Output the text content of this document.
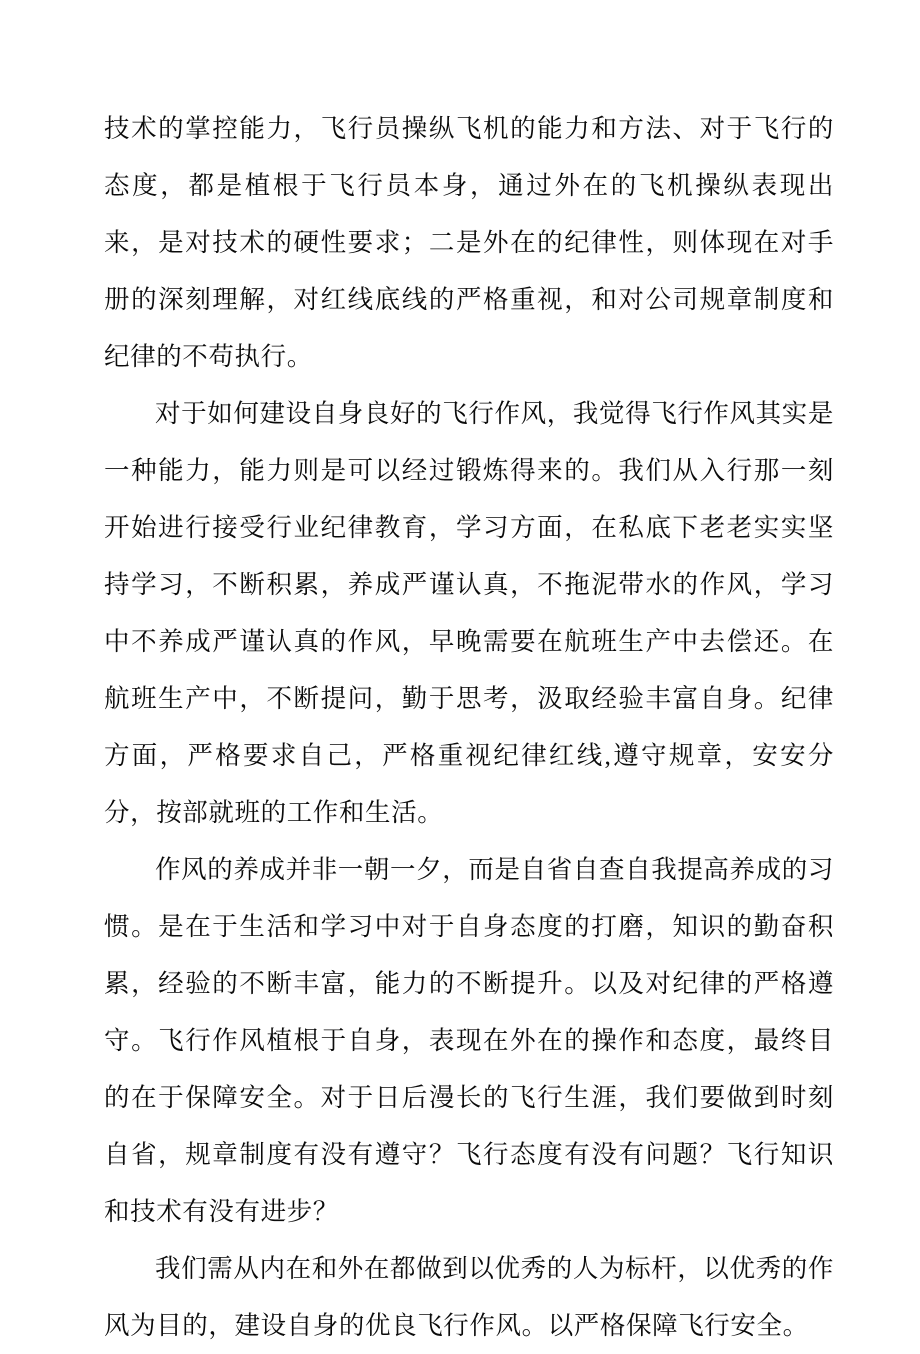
技术的掌控能力，飞行员操纵飞机的能力和方法、对于飞行的态度，都是植根于飞行员本身，通过外在的飞机操纵表现出来，是对技术的硬性要求；二是外在的纪律性，则体现在对手册的深刻理解，对红线底线的严格重视，和对公司规章制度和纪律的不苟执行。

对于如何建设自身良好的飞行作风，我觉得飞行作风其实是一种能力，能力则是可以经过锻炼得来的。我们从入行那一刻开始进行接受行业纪律教育，学习方面，在私底下老老实实坚持学习，不断积累，养成严谨认真，不拖泥带水的作风，学习中不养成严谨认真的作风，早晚需要在航班生产中去偿还。在航班生产中，不断提问，勤于思考，汲取经验丰富自身。纪律方面，严格要求自己，严格重视纪律红线,遵守规章，安安分分，按部就班的工作和生活。

作风的养成并非一朝一夕，而是自省自查自我提高养成的习惯。是在于生活和学习中对于自身态度的打磨，知识的勤奋积累，经验的不断丰富，能力的不断提升。以及对纪律的严格遵守。飞行作风植根于自身，表现在外在的操作和态度，最终目的在于保障安全。对于日后漫长的飞行生涯，我们要做到时刻自省，规章制度有没有遵守？飞行态度有没有问题？飞行知识和技术有没有进步？

我们需从内在和外在都做到以优秀的人为标杆，以优秀的作风为目的，建设自身的优良飞行作风。以严格保障飞行安全。
